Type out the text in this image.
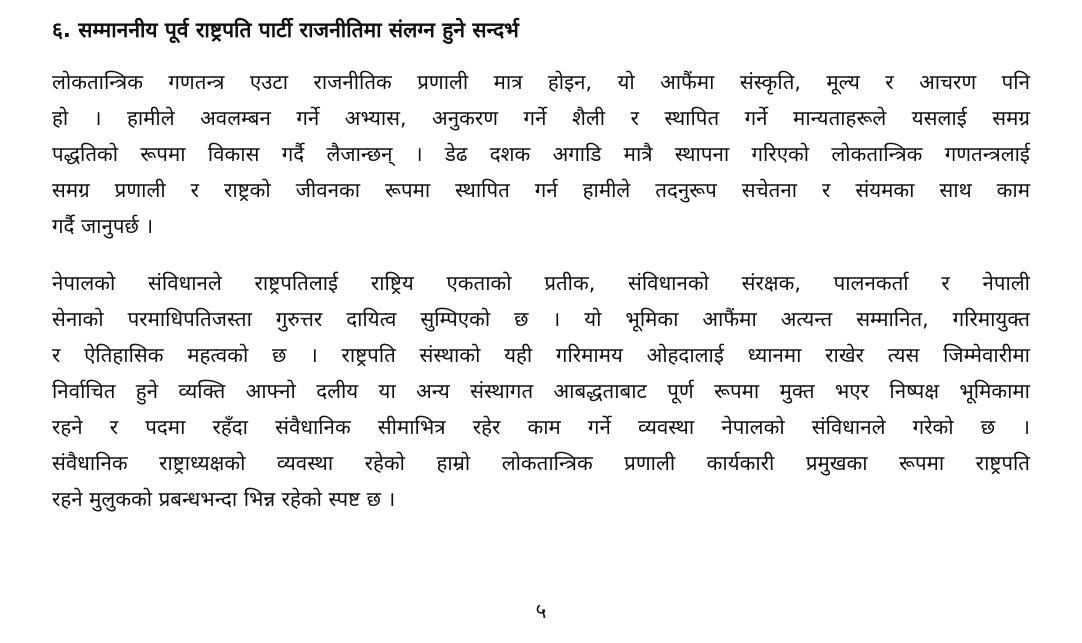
६. सम्माननीय पूर्व राष्ट्रपति पार्टी राजनीतिमा संलग्न हुने सन्दर्भ

लोकतान्त्रिक गणतन्त्र एउटा राजनीतिक प्रणाली मात्र होइन, यो आफैंमा संस्कृति, मूल्य र आचरण पनि
हो । हामीले अवलम्बन गर्ने अभ्यास, अनुकरण गर्ने शैली र स्थापित गर्ने मान्यताहरूले यसलाई समग्र
पद्धतिको रूपमा विकास गर्दै लैजान्छन् । डेढ दशक अगाडि मात्रै स्थापना गरिएको लोकतान्त्रिक गणतन्त्रलाई
समग्र प्रणाली र राष्ट्रको जीवनका रूपमा स्थापित गर्न हामीले तदनुरूप सचेतना र संयमका साथ काम
गर्दै जानुपर्छ ।

नेपालको संविधानले राष्ट्रपतिलाई राष्ट्रिय एकताको प्रतीक, संविधानको संरक्षक, पालनकर्ता र नेपाली
सेनाको परमाधिपतिजस्ता गुरुत्तर दायित्व सुम्पिएको छ । यो भूमिका आफैंमा अत्यन्त सम्मानित, गरिमायुक्त
र ऐतिहासिक महत्वको छ । राष्ट्रपति संस्थाको यही गरिमामय ओहदालाई ध्यानमा राखेर त्यस जिम्मेवारीमा
निर्वाचित हुने व्यक्ति आफ्नो दलीय या अन्य संस्थागत आबद्धताबाट पूर्ण रूपमा मुक्त भएर निष्पक्ष भूमिकामा
रहने र पदमा रहँदा संवैधानिक सीमाभित्र रहेर काम गर्ने व्यवस्था नेपालको संविधानले गरेको छ ।
संवैधानिक राष्ट्राध्यक्षको व्यवस्था रहेको हाम्रो लोकतान्त्रिक प्रणाली कार्यकारी प्रमुखका रूपमा राष्ट्रपति
रहने मुलुकको प्रबन्धभन्दा भिन्न रहेको स्पष्ट छ ।

५
